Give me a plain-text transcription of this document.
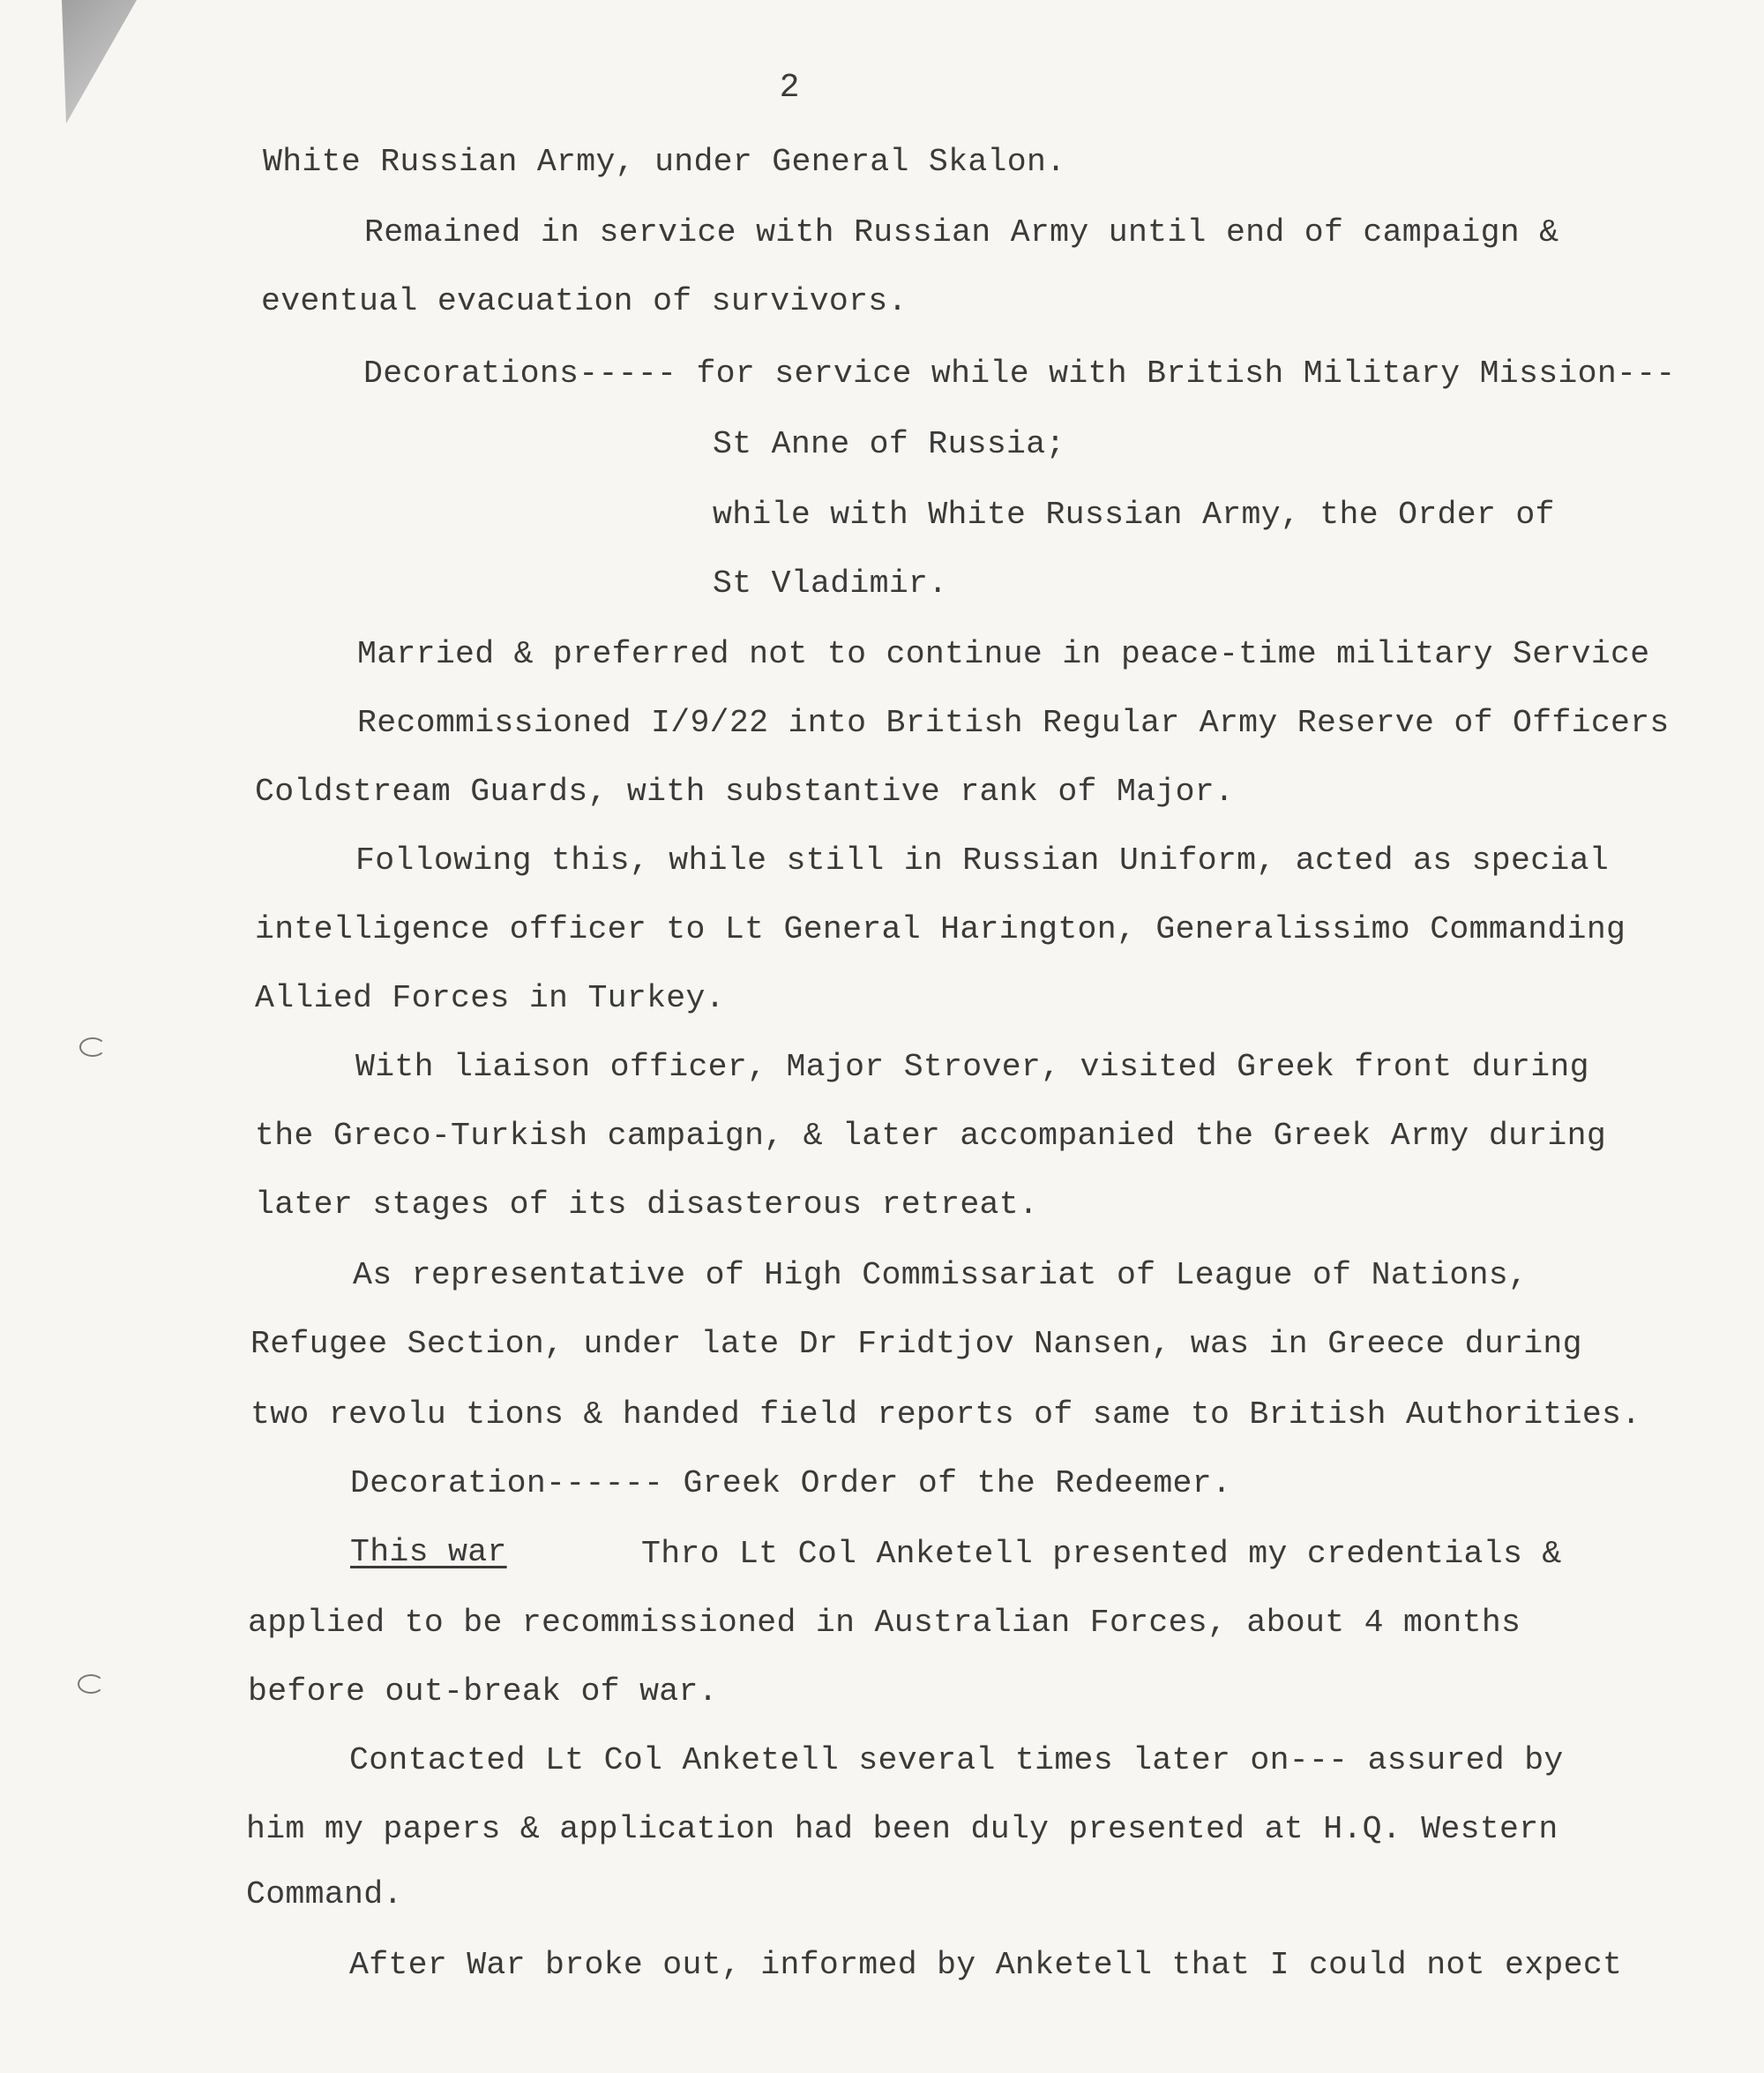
2
White Russian Army, under General Skalon.
Remained in service with Russian Army until end of campaign &
eventual evacuation of survivors.
Decorations----- for service while with British Military Mission---
St Anne of Russia;
while with White Russian Army, the Order of
St Vladimir.
Married & preferred not to continue in peace-time military Service
Recommissioned I/9/22 into British Regular Army Reserve of Officers
Coldstream Guards, with substantive rank of Major.
Following this, while still in Russian Uniform, acted as special
intelligence officer to Lt General Harington, Generalissimo Commanding
Allied Forces in Turkey.
With liaison officer, Major Strover, visited Greek front during
the Greco-Turkish campaign, & later accompanied the Greek Army during
later stages of its disasterous retreat.
As representative of High Commissariat of League of Nations,
Refugee Section, under late Dr Fridtjov Nansen, was in Greece during
two revolu tions & handed field reports of same to British Authorities.
Decoration------ Greek Order of the Redeemer.
This war	Thro Lt Col Anketell presented my credentials &
applied to be recommissioned in Australian Forces, about 4 months
before out-break of war.
Contacted Lt Col Anketell several times later on--- assured by
him my papers & application had been duly presented at H.Q. Western
Command.
After War broke out, informed by Anketell that I could not expect
